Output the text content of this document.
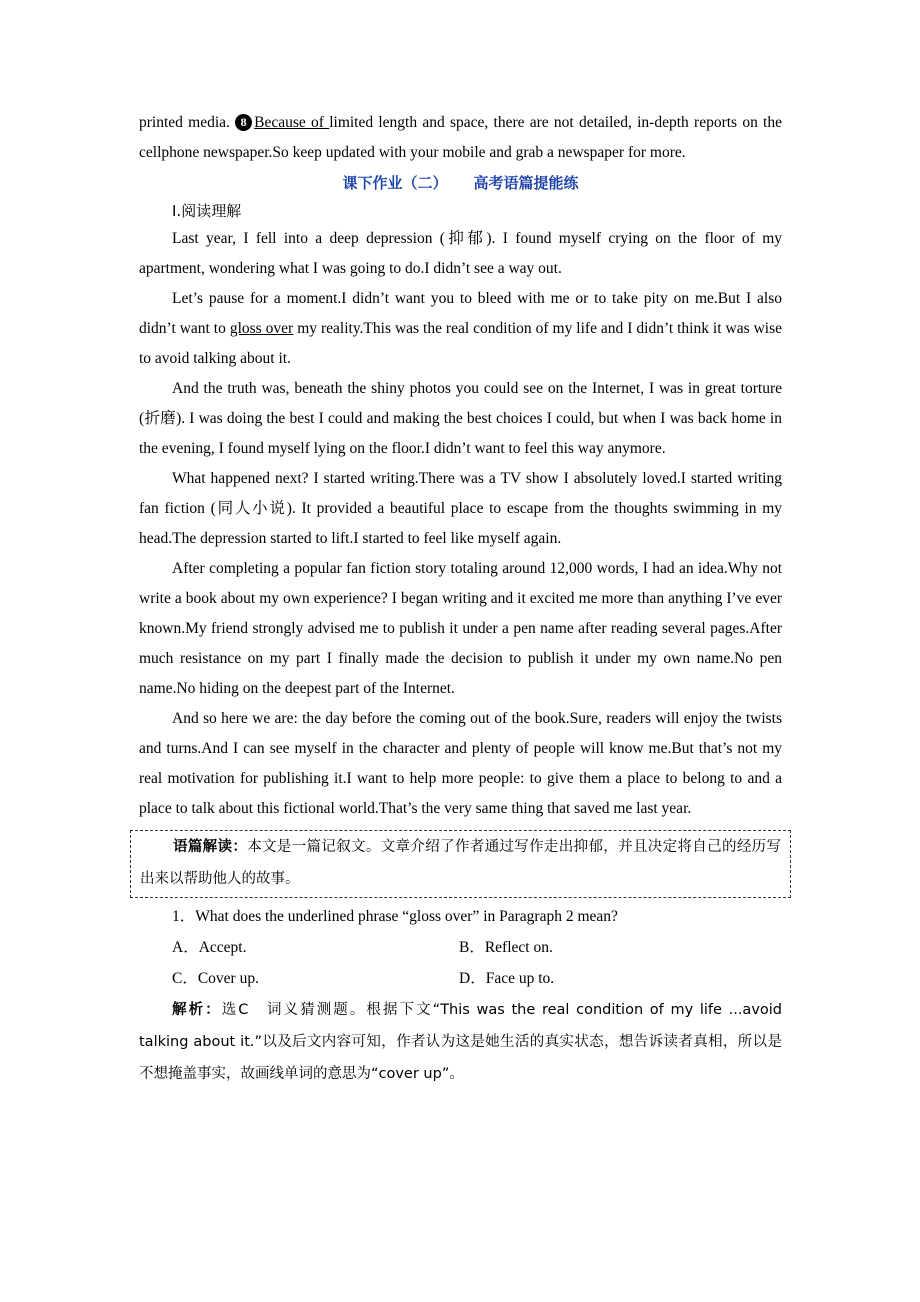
printed media. 8 Because of limited length and space, there are not detailed, in-depth reports on the cellphone newspaper.So keep updated with your mobile and grab a newspaper for more.

课下作业（二） 高考语篇提能练

Ⅰ.阅读理解

Last year, I fell into a deep depression (抑郁). I found myself crying on the floor of my apartment, wondering what I was going to do.I didn’t see a way out.

Let’s pause for a moment.I didn’t want you to bleed with me or to take pity on me.But I also didn’t want to gloss over my reality.This was the real condition of my life and I didn’t think it was wise to avoid talking about it.

And the truth was, beneath the shiny photos you could see on the Internet, I was in great torture (折磨). I was doing the best I could and making the best choices I could, but when I was back home in the evening, I found myself lying on the floor.I didn’t want to feel this way anymore.

What happened next? I started writing.There was a TV show I absolutely loved.I started writing fan fiction (同人小说). It provided a beautiful place to escape from the thoughts swimming in my head.The depression started to lift.I started to feel like myself again.

After completing a popular fan fiction story totaling around 12,000 words, I had an idea.Why not write a book about my own experience? I began writing and it excited me more than anything I’ve ever known.My friend strongly advised me to publish it under a pen name after reading several pages.After much resistance on my part I finally made the decision to publish it under my own name.No pen name.No hiding on the deepest part of the Internet.

And so here we are: the day before the coming out of the book.Sure, readers will enjoy the twists and turns.And I can see myself in the character and plenty of people will know me.But that’s not my real motivation for publishing it.I want to help more people: to give them a place to belong to and a place to talk about this fictional world.That’s the very same thing that saved me last year.

语篇解读：本文是一篇记叙文。文章介绍了作者通过写作走出抑郁，并且决定将自己的经历写出来以帮助他人的故事。

1．What does the underlined phrase “gloss over” in Paragraph 2 mean?

A．Accept.	B．Reflect on.
C．Cover up.	D．Face up to.

解析：选C　词义猜测题。根据下文“This was the real condition of my life ...avoid talking about it.”以及后文内容可知，作者认为这是她生活的真实状态，想告诉读者真相，所以是不想掩盖事实，故画线单词的意思为“cover up”。
